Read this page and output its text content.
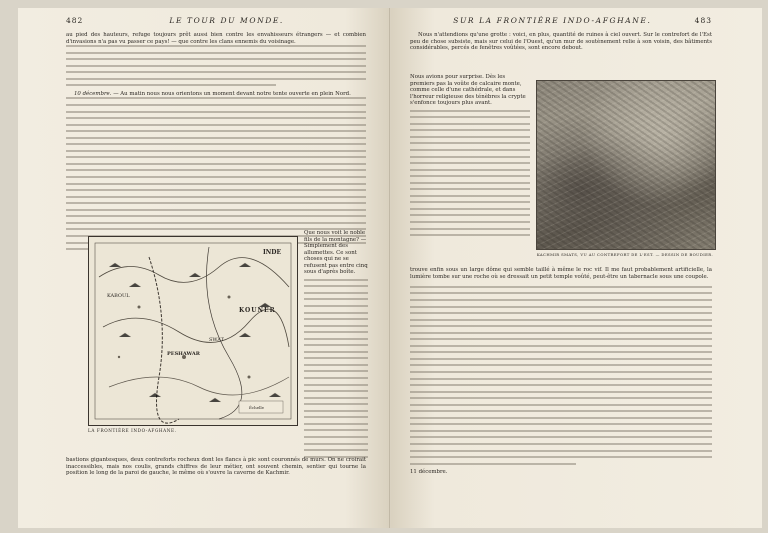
482	LE TOUR DU MONDE.

au pied des hauteurs, refuge toujours prêt aussi bien contre les envahisseurs étrangers — et combien d'invasions n'a pas vu passer ce pays! — que contre les clans ennemis du voisinage.

10 décembre. — Au matin nous nous orientons un moment devant notre tente ouverte en plein Nord.

INDE
PESHAWAR
KOUNER
SWAT
KABOUL
Échelle
LA FRONTIÈRE INDO-AFGHANE.
Que nous voit le noble fils de la montagne? — Simplement des allumettes. Ce sont choses qui ne se refusent pas entre cinq sous d'après boîte.
bastions gigantesques, deux contreforts rocheux dont les flancs à pic sont couronnés de murs. On ne croirait inaccessibles, mais nos coulis, grands chiffres de leur métier, ont souvent chemin, sentier qui tourne la position le long de la paroi de gauche, le même où s'ouvre la caverne de Kachmir.
SUR LA FRONTIÈRE INDO-AFGHANE.	483

Nous n'attendions qu'une grotte : voici, en plus, quantité de ruines à ciel ouvert. Sur le contrefort de l'Est peu de chose subsiste, mais sur celui de l'Ouest, qu'un mur de soutènement relie à son voisin, des bâtiments considérables, percés de fenêtres voûtées, sont encore debout.

Nous avions pour surprise. Dès les premiers pas la voûte de calcaire monte, comme celle d'une cathédrale, et dans l'horreur religieuse des ténèbres la crypte s'enfonce toujours plus avant.
KACHMIR SMATS, VU AU CONTREFORT DE L'EST. — DESSIN DE BOUDIER.

trouve enfin sous un large dôme qui semble taillé à même le roc vif. Il me faut probablement artificielle, la lumière tombe sur une roche où se dressait un petit temple voûté, peut-être un tabernacle sous une coupole.

11 décembre.
